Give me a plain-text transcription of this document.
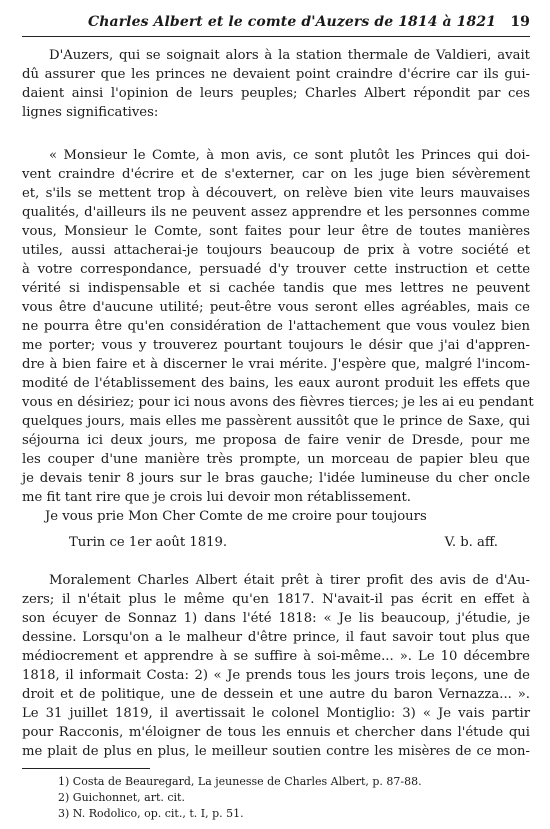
Charles Albert et le comte d'Auzers de 1814 à 1821 19
D'Auzers, qui se soignait alors à la station thermale de Valdieri, avait
dû assurer que les princes ne devaient point craindre d'écrire car ils gui-
daient ainsi l'opinion de leurs peuples; Charles Albert répondit par ces
lignes significatives:
« Monsieur le Comte, à mon avis, ce sont plutôt les Princes qui doi-
vent craindre d'écrire et de s'externer, car on les juge bien sévèrement
et, s'ils se mettent trop à découvert, on relève bien vite leurs mauvaises
qualités, d'ailleurs ils ne peuvent assez apprendre et les personnes comme
vous, Monsieur le Comte, sont faites pour leur être de toutes manières
utiles, aussi attacherai-je toujours beaucoup de prix à votre société et
à votre correspondance, persuadé d'y trouver cette instruction et cette
vérité si indispensable et si cachée tandis que mes lettres ne peuvent
vous être d'aucune utilité; peut-être vous seront elles agréables, mais ce
ne pourra être qu'en considération de l'attachement que vous voulez bien
me porter; vous y trouverez pourtant toujours le désir que j'ai d'appren-
dre à bien faire et à discerner le vrai mérite. J'espère que, malgré l'incom-
modité de l'établissement des bains, les eaux auront produit les effets que
vous en désiriez; pour ici nous avons des fièvres tierces; je les ai eu pendant
quelques jours, mais elles me passèrent aussitôt que le prince de Saxe, qui
séjourna ici deux jours, me proposa de faire venir de Dresde, pour me
les couper d'une manière très prompte, un morceau de papier bleu que
je devais tenir 8 jours sur le bras gauche; l'idée lumineuse du cher oncle
me fit tant rire que je crois lui devoir mon rétablissement.
Je vous prie Mon Cher Comte de me croire pour toujours
Turin ce 1er août 1819.	V. b. aff.
Moralement Charles Albert était prêt à tirer profit des avis de d'Au-
zers; il n'était plus le même qu'en 1817. N'avait-il pas écrit en effet à
son écuyer de Sonnaz 1) dans l'été 1818: « Je lis beaucoup, j'étudie, je
dessine. Lorsqu'on a le malheur d'être prince, il faut savoir tout plus que
médiocrement et apprendre à se suffire à soi-même... ». Le 10 décembre
1818, il informait Costa: 2) « Je prends tous les jours trois leçons, une de
droit et de politique, une de dessein et une autre du baron Vernazza... ».
Le 31 juillet 1819, il avertissait le colonel Montiglio: 3) « Je vais partir
pour Racconis, m'éloigner de tous les ennuis et chercher dans l'étude qui
me plait de plus en plus, le meilleur soutien contre les misères de ce mon-
1) Costa de Beauregard, La jeunesse de Charles Albert, p. 87-88.
2) Guichonnet, art. cit.
3) N. Rodolico, op. cit., t. I, p. 51.
